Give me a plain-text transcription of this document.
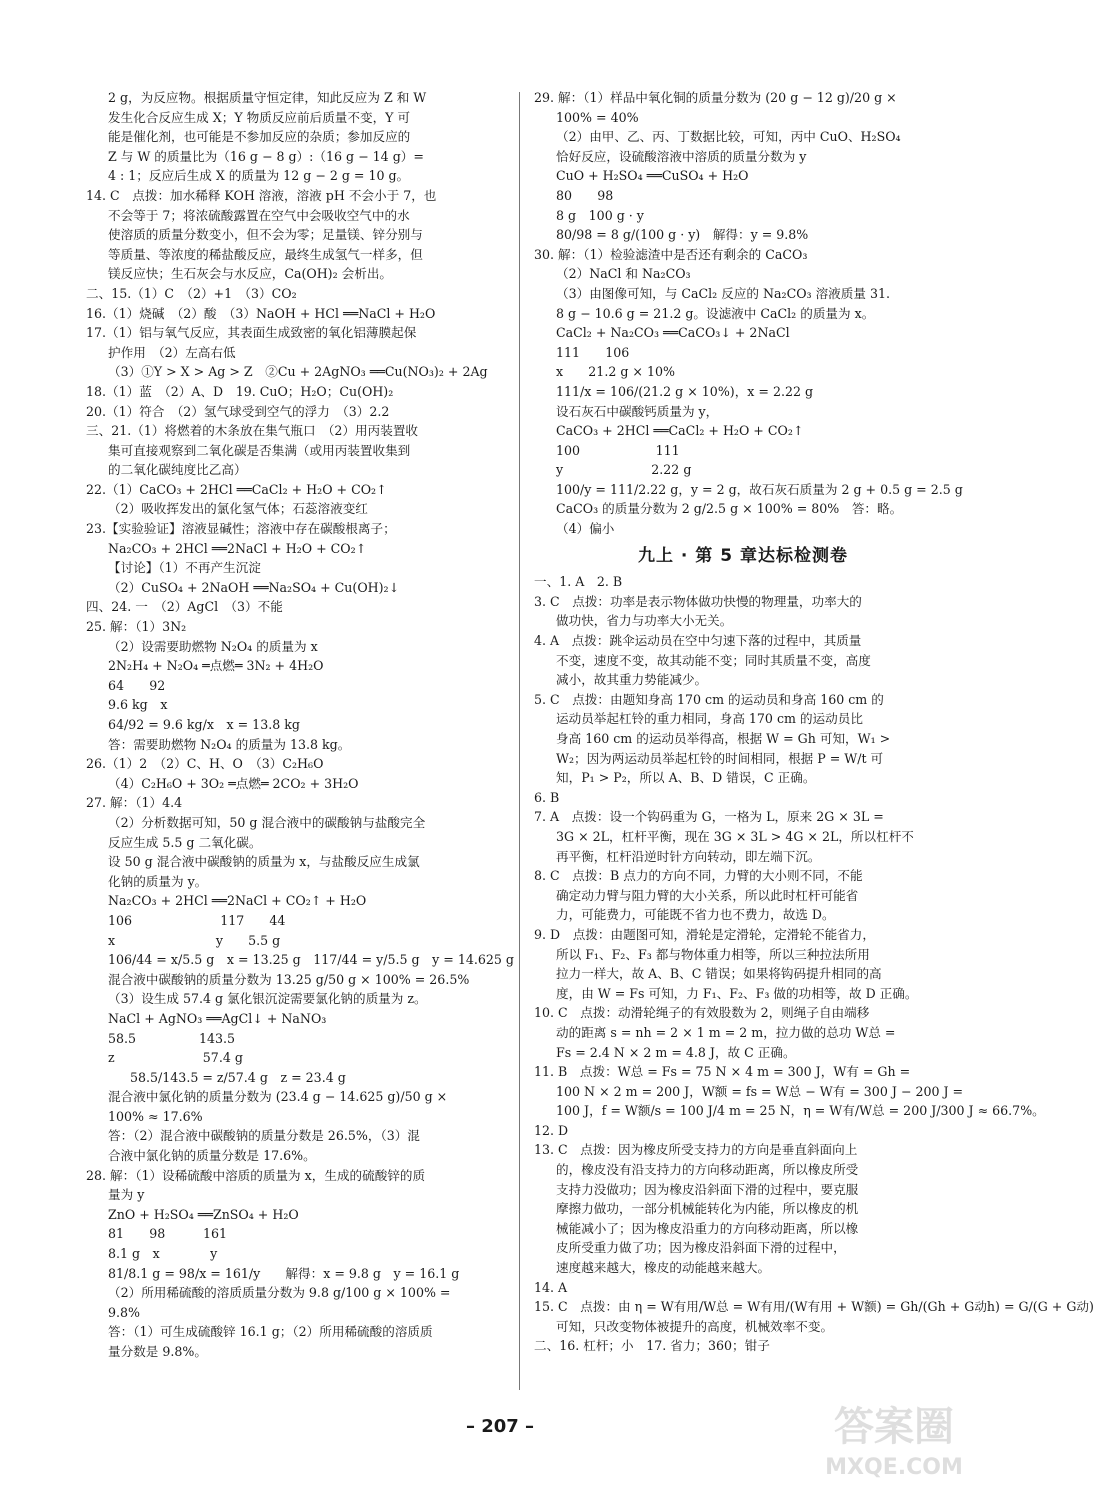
2 g，为反应物。根据质量守恒定律，知此反应为 Z 和 W
发生化合反应生成 X；Y 物质反应前后质量不变，Y 可
能是催化剂，也可能是不参加反应的杂质；参加反应的
Z 与 W 的质量比为（16 g − 8 g）:（16 g − 14 g）=
4 : 1；反应后生成 X 的质量为 12 g − 2 g = 10 g。
14. C　点拨：加水稀释 KOH 溶液，溶液 pH 不会小于 7，也
不会等于 7；将浓硫酸露置在空气中会吸收空气中的水
使溶质的质量分数变小，但不会为零；足量镁、锌分别与
等质量、等浓度的稀盐酸反应，最终生成氢气一样多，但
镁反应快；生石灰会与水反应，Ca(OH)₂ 会析出。
二、15.（1）C　（2）+1　（3）CO₂
16.（1）烧碱　（2）酸　（3）NaOH + HCl ══NaCl + H₂O
17.（1）铝与氧气反应，其表面生成致密的氧化铝薄膜起保
护作用　（2）左高右低
（3）①Y > X > Ag > Z　②Cu + 2AgNO₃ ══Cu(NO₃)₂ + 2Ag
18.（1）蓝　（2）A、D　19. CuO；H₂O；Cu(OH)₂
20.（1）符合　（2）氢气球受到空气的浮力　（3）2.2
三、21.（1）将燃着的木条放在集气瓶口　（2）用丙装置收
集可直接观察到二氧化碳是否集满（或用丙装置收集到
的二氧化碳纯度比乙高）
22.（1）CaCO₃ + 2HCl ══CaCl₂ + H₂O + CO₂↑
（2）吸收挥发出的氯化氢气体；石蕊溶液变红
23.【实验验证】溶液显碱性；溶液中存在碳酸根离子；
Na₂CO₃ + 2HCl ══2NaCl + H₂O + CO₂↑
【讨论】（1）不再产生沉淀
（2）CuSO₄ + 2NaOH ══Na₂SO₄ + Cu(OH)₂↓
四、24. 一　（2）AgCl　（3）不能
25. 解：（1）3N₂
（2）设需要助燃物 N₂O₄ 的质量为 x
2N₂H₄ + N₂O₄ ═点燃═ 3N₂ + 4H₂O
64　　92
9.6 kg　x
64/92 = 9.6 kg/x　x = 13.8 kg
答：需要助燃物 N₂O₄ 的质量为 13.8 kg。
26.（1）2　（2）C、H、O　（3）C₂H₆O
（4）C₂H₆O + 3O₂ ═点燃═ 2CO₂ + 3H₂O
27. 解：（1）4.4
（2）分析数据可知，50 g 混合液中的碳酸钠与盐酸完全
反应生成 5.5 g 二氧化碳。
设 50 g 混合液中碳酸钠的质量为 x，与盐酸反应生成氯
化钠的质量为 y。
Na₂CO₃ + 2HCl ══2NaCl + CO₂↑ + H₂O
106　　　　　　　117　　44
x　　　　　　　　y　　5.5 g
106/44 = x/5.5 g　x = 13.25 g　117/44 = y/5.5 g　y = 14.625 g
混合液中碳酸钠的质量分数为 13.25 g/50 g × 100% = 26.5%
（3）设生成 57.4 g 氯化银沉淀需要氯化钠的质量为 z。
NaCl + AgNO₃ ══AgCl↓ + NaNO₃
58.5　　　　　143.5
z　　　　　　　57.4 g
58.5/143.5 = z/57.4 g　z = 23.4 g
混合液中氯化钠的质量分数为 (23.4 g − 14.625 g)/50 g ×
100% ≈ 17.6%
答：（2）混合液中碳酸钠的质量分数是 26.5%，（3）混
合液中氯化钠的质量分数是 17.6%。
28. 解：（1）设稀硫酸中溶质的质量为 x，生成的硫酸锌的质
量为 y
ZnO + H₂SO₄ ══ZnSO₄ + H₂O
81　　98　　　161
8.1 g　x　　　　y
81/8.1 g = 98/x = 161/y　　解得：x = 9.8 g　y = 16.1 g
（2）所用稀硫酸的溶质质量分数为 9.8 g/100 g × 100% =
9.8%
答：（1）可生成硫酸锌 16.1 g；（2）所用稀硫酸的溶质质
量分数是 9.8%。
29. 解：（1）样品中氧化铜的质量分数为 (20 g − 12 g)/20 g ×
100% = 40%
（2）由甲、乙、丙、丁数据比较，可知，丙中 CuO、H₂SO₄
恰好反应，设硫酸溶液中溶质的质量分数为 y
CuO + H₂SO₄ ══CuSO₄ + H₂O
80　　98
8 g　100 g · y
80/98 = 8 g/(100 g · y)　解得：y = 9.8%
30. 解：（1）检验滤渣中是否还有剩余的 CaCO₃
（2）NaCl 和 Na₂CO₃
（3）由图像可知，与 CaCl₂ 反应的 Na₂CO₃ 溶液质量 31.
8 g − 10.6 g = 21.2 g。设滤液中 CaCl₂ 的质量为 x。
CaCl₂ + Na₂CO₃ ══CaCO₃↓ + 2NaCl
111　　106
x　　21.2 g × 10%
111/x = 106/(21.2 g × 10%)，x = 2.22 g
设石灰石中碳酸钙质量为 y，
CaCO₃ + 2HCl ══CaCl₂ + H₂O + CO₂↑
100　　　　　　111
y　　　　　　　2.22 g
100/y = 111/2.22 g，y = 2 g，故石灰石质量为 2 g + 0.5 g = 2.5 g
CaCO₃ 的质量分数为 2 g/2.5 g × 100% = 80%　答：略。
（4）偏小
九上 · 第 5 章达标检测卷
一、1. A　2. B
3. C　点拨：功率是表示物体做功快慢的物理量，功率大的
做功快，省力与功率大小无关。
4. A　点拨：跳伞运动员在空中匀速下落的过程中，其质量
不变，速度不变，故其动能不变；同时其质量不变，高度
减小，故其重力势能减少。
5. C　点拨：由题知身高 170 cm 的运动员和身高 160 cm 的
运动员举起杠铃的重力相同，身高 170 cm 的运动员比
身高 160 cm 的运动员举得高，根据 W = Gh 可知，W₁ >
W₂；因为两运动员举起杠铃的时间相同，根据 P = W/t 可
知，P₁ > P₂，所以 A、B、D 错误，C 正确。
6. B
7. A　点拨：设一个钩码重为 G，一格为 L，原来 2G × 3L =
3G × 2L，杠杆平衡，现在 3G × 3L > 4G × 2L，所以杠杆不
再平衡，杠杆沿逆时针方向转动，即左端下沉。
8. C　点拨：B 点力的方向不同，力臂的大小则不同，不能
确定动力臂与阻力臂的大小关系，所以此时杠杆可能省
力，可能费力，可能既不省力也不费力，故选 D。
9. D　点拨：由题图可知，滑轮是定滑轮，定滑轮不能省力，
所以 F₁、F₂、F₃ 都与物体重力相等，所以三种拉法所用
拉力一样大，故 A、B、C 错误；如果将钩码提升相同的高
度，由 W = Fs 可知，力 F₁、F₂、F₃ 做的功相等，故 D 正确。
10. C　点拨：动滑轮绳子的有效股数为 2，则绳子自由端移
动的距离 s = nh = 2 × 1 m = 2 m，拉力做的总功 W总 =
Fs = 2.4 N × 2 m = 4.8 J，故 C 正确。
11. B　点拨：W总 = Fs = 75 N × 4 m = 300 J，W有 = Gh =
100 N × 2 m = 200 J，W额 = fs = W总 − W有 = 300 J − 200 J =
100 J，f = W额/s = 100 J/4 m = 25 N，η = W有/W总 = 200 J/300 J ≈ 66.7%。
12. D
13. C　点拨：因为橡皮所受支持力的方向是垂直斜面向上
的，橡皮没有沿支持力的方向移动距离，所以橡皮所受
支持力没做功；因为橡皮沿斜面下滑的过程中，要克服
摩擦力做功，一部分机械能转化为内能，所以橡皮的机
械能减小了；因为橡皮沿重力的方向移动距离，所以橡
皮所受重力做了功；因为橡皮沿斜面下滑的过程中，
速度越来越大，橡皮的动能越来越大。
14. A
15. C　点拨：由 η = W有用/W总 = W有用/(W有用 + W额) = Gh/(Gh + G动h) = G/(G + G动)
可知，只改变物体被提升的高度，机械效率不变。
二、16. 杠杆；小　17. 省力；360；钳子
– 207 –	答案圈
MXQE.COM
